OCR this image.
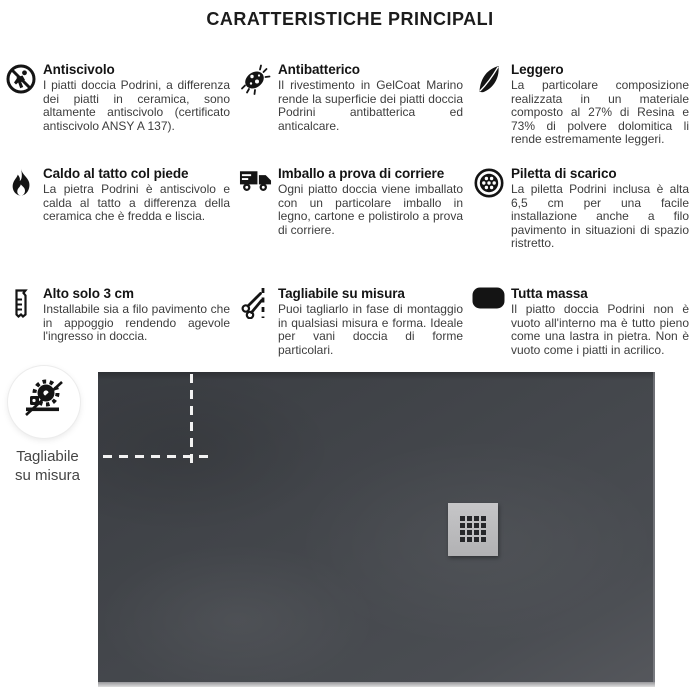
CARATTERISTICHE PRINCIPALI
Antiscivolo
I piatti doccia Podrini, a differenza dei piatti in ceramica, sono altamente antiscivolo (certificato antiscivolo ANSY A 137).
Antibatterico
Il rivestimento in GelCoat Marino rende la superficie dei piatti doccia Podrini antibatterica ed anticalcare.
Leggero
La particolare composizione realizzata in un materiale composto al 27% di Resina e 73% di polvere dolomitica li rende estremamente leggeri.
Caldo al tatto col piede
La pietra Podrini è antiscivolo e calda al tatto a differenza della ceramica che è fredda e liscia.
Imballo a prova di corriere
Ogni piatto doccia viene imballato con un particolare imballo in legno, cartone e polistirolo a prova di corriere.
Piletta di scarico
La piletta Podrini inclusa è alta 6,5 cm per una facile installazione anche a filo pavimento in situazioni di spazio ristretto.
Alto solo 3 cm
Installabile sia a filo pavimento che in appoggio rendendo agevole l'ingresso in doccia.
Tagliabile su misura
Puoi tagliarlo in fase di montaggio in qualsiasi misura e forma. Ideale per vani doccia di forme particolari.
Tutta massa
Il piatto doccia Podrini non è vuoto all'interno ma è tutto pieno come una lastra in pietra. Non è vuoto come i piatti in acrilico.
Tagliabile
su misura
